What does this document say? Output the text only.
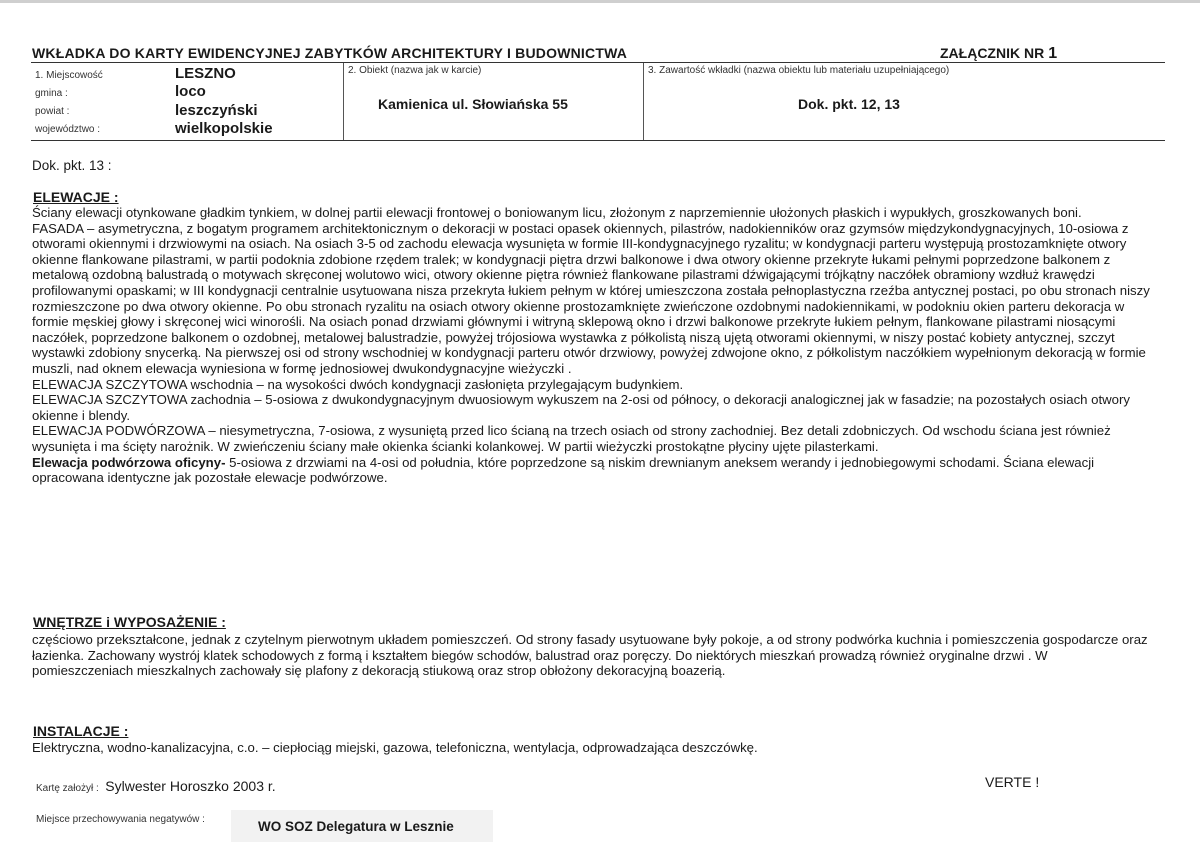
WKŁADKA DO KARTY EWIDENCYJNEJ ZABYTKÓW ARCHITEKTURY I BUDOWNICTWA	ZAŁĄCZNIK NR 1
1. Miejscowość	LESZNO
gmina :	loco
powiat :	leszczyński
województwo :	wielkopolskie
2. Obiekt (nazwa jak w karcie)
Kamienica ul. Słowiańska 55
3. Zawartość wkładki (nazwa obiektu lub materiału uzupełniającego)
Dok. pkt. 12, 13
Dok. pkt. 13 :
ELEWACJE :

Ściany elewacji otynkowane gładkim tynkiem, w dolnej partii elewacji frontowej o boniowanym licu, złożonym z naprzemiennie ułożonych płaskich i wypukłych, groszkowanych boni.

FASADA – asymetryczna, z bogatym programem architektonicznym o dekoracji w postaci opasek okiennych, pilastrów, nadokienników oraz gzymsów międzykondygnacyjnych, 10-osiowa z otworami okiennymi i drzwiowymi na osiach. Na osiach 3-5 od zachodu elewacja wysunięta w formie III-kondygnacyjnego ryzalitu; w kondygnacji parteru występują prostozamknięte otwory okienne flankowane pilastrami, w partii podoknia zdobione rzędem tralek; w kondygnacji piętra drzwi balkonowe i dwa otwory okienne przekryte łukami pełnymi poprzedzone balkonem z metalową ozdobną balustradą o motywach skręconej wolutowo wici, otwory okienne piętra również flankowane pilastrami dźwigającymi trójkątny naczółek obramiony wzdłuż krawędzi profilowanymi opaskami; w III kondygnacji centralnie usytuowana nisza przekryta łukiem pełnym w której umieszczona została pełnoplastyczna rzeźba antycznej postaci, po obu stronach niszy rozmieszczone po dwa otwory okienne. Po obu stronach ryzalitu na osiach otwory okienne prostozamknięte zwieńczone ozdobnymi nadokiennikami, w podokniu okien parteru dekoracja w formie męskiej głowy i skręconej wici winorośli. Na osiach ponad drzwiami głównymi i witryną sklepową okno i drzwi balkonowe przekryte łukiem pełnym, flankowane pilastrami niosącymi naczółek, poprzedzone balkonem o ozdobnej, metalowej balustradzie, powyżej trójosiowa wystawka z półkolistą niszą ujętą otworami okiennymi, w niszy postać kobiety antycznej, szczyt wystawki zdobiony snycerką. Na pierwszej osi od strony wschodniej w kondygnacji parteru otwór drzwiowy, powyżej zdwojone okno, z półkolistym naczółkiem wypełnionym dekoracją w formie muszli, nad oknem elewacja wyniesiona w formę jednosiowej dwukondygnacyjne wieżyczki .

ELEWACJA SZCZYTOWA wschodnia – na wysokości dwóch kondygnacji zasłonięta przylegającym budynkiem.

ELEWACJA SZCZYTOWA zachodnia – 5-osiowa z dwukondygnacyjnym dwuosiowym wykuszem na 2-osi od północy, o dekoracji analogicznej jak w fasadzie; na pozostałych osiach otwory okienne i blendy.

ELEWACJA PODWÓRZOWA – niesymetryczna, 7-osiowa, z wysuniętą przed lico ścianą na trzech osiach od strony zachodniej. Bez detali zdobniczych. Od wschodu ściana jest również wysunięta i ma ścięty narożnik. W zwieńczeniu ściany małe okienka ścianki kolankowej. W partii wieżyczki prostokątne płyciny ujęte pilasterkami.

Elewacja podwórzowa oficyny- 5-osiowa z drzwiami na 4-osi od południa, które poprzedzone są niskim drewnianym aneksem werandy i jednobiegowymi schodami. Ściana elewacji opracowana identyczne jak pozostałe elewacje podwórzowe.

WNĘTRZE i WYPOSAŻENIE :

częściowo przekształcone, jednak z czytelnym pierwotnym układem pomieszczeń. Od strony fasady usytuowane były pokoje, a od strony podwórka kuchnia i pomieszczenia gospodarcze oraz łazienka. Zachowany wystrój klatek schodowych z formą i kształtem biegów schodów, balustrad oraz poręczy. Do niektórych mieszkań prowadzą również oryginalne drzwi . W pomieszczeniach mieszkalnych zachowały się plafony z dekoracją stiukową oraz strop obłożony dekoracyjną boazerią.

INSTALACJE :

Elektryczna, wodno-kanalizacyjna, c.o. – ciepłociąg miejski, gazowa, telefoniczna, wentylacja, odprowadzająca deszczówkę.

Kartę założył : Sylwester Horoszko 2003 r.	VERTE !
Miejsce przechowywania negatywów :	WO SOZ Delegatura w Lesznie
